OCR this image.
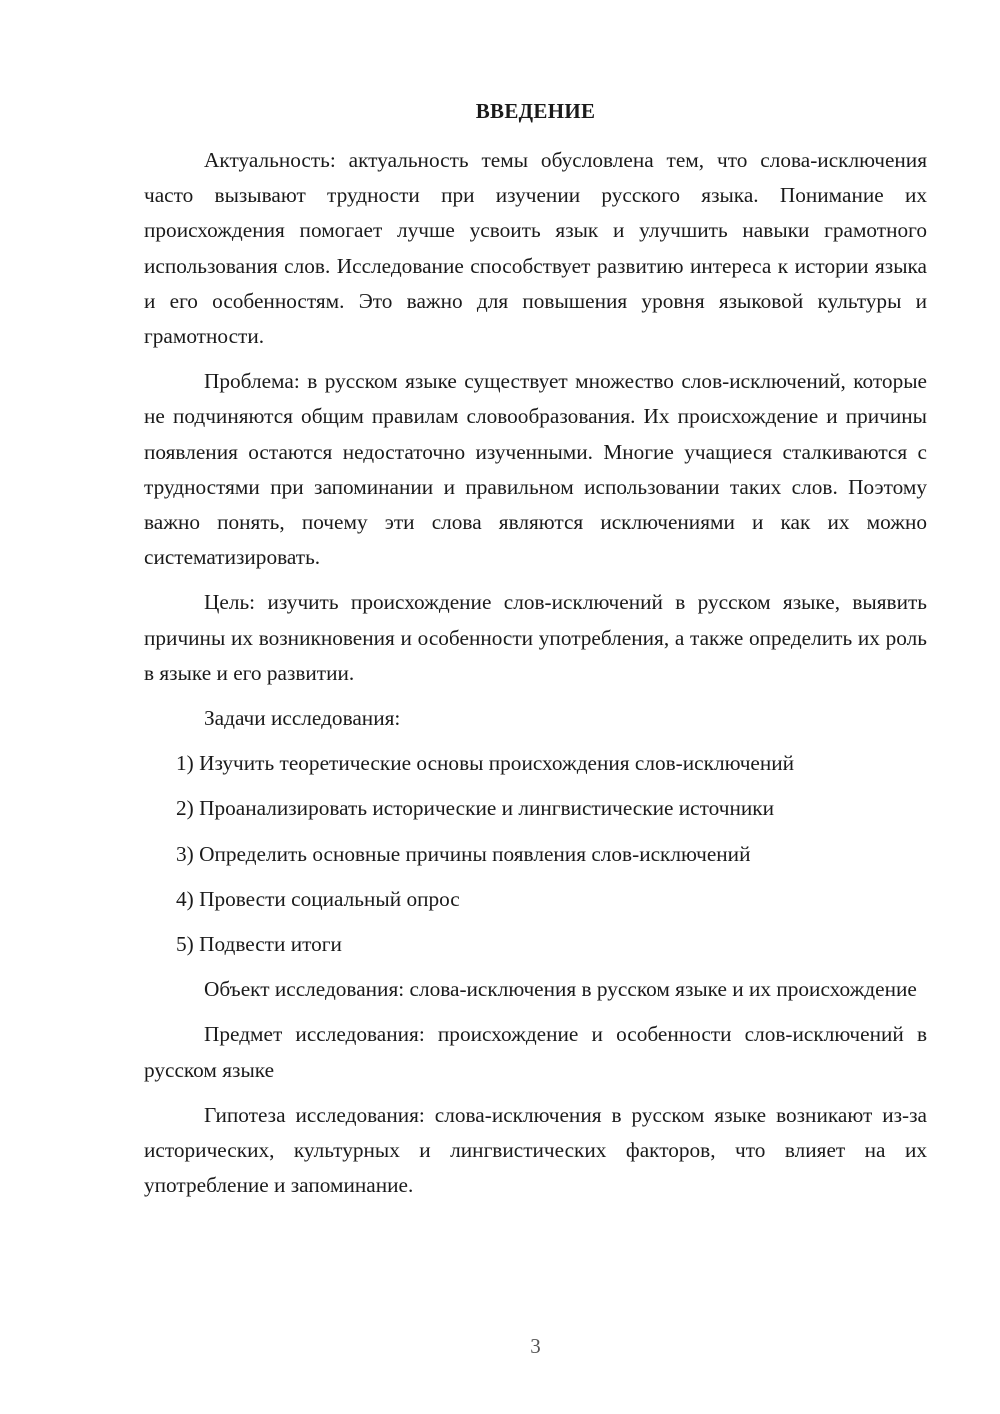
ВВЕДЕНИЕ

Актуальность: актуальность темы обусловлена тем, что слова-исключения часто вызывают трудности при изучении русского языка. Понимание их происхождения помогает лучше усвоить язык и улучшить навыки грамотного использования слов. Исследование способствует развитию интереса к истории языка и его особенностям. Это важно для повышения уровня языковой культуры и грамотности.

Проблема: в русском языке существует множество слов-исключений, которые не подчиняются общим правилам словообразования. Их происхождение и причины появления остаются недостаточно изученными. Многие учащиеся сталкиваются с трудностями при запоминании и правильном использовании таких слов. Поэтому важно понять, почему эти слова являются исключениями и как их можно систематизировать.

Цель: изучить происхождение слов-исключений в русском языке, выявить причины их возникновения и особенности употребления, а также определить их роль в языке и его развитии.

Задачи исследования:

1) Изучить теоретические основы происхождения слов-исключений

2) Проанализировать исторические и лингвистические источники

3) Определить основные причины появления слов-исключений

4) Провести социальный опрос

5) Подвести итоги

Объект исследования: слова-исключения в русском языке и их происхождение

Предмет исследования: происхождение и особенности слов-исключений в русском языке

Гипотеза исследования: слова-исключения в русском языке возникают из-за исторических, культурных и лингвистических факторов, что влияет на их употребление и запоминание.

3
